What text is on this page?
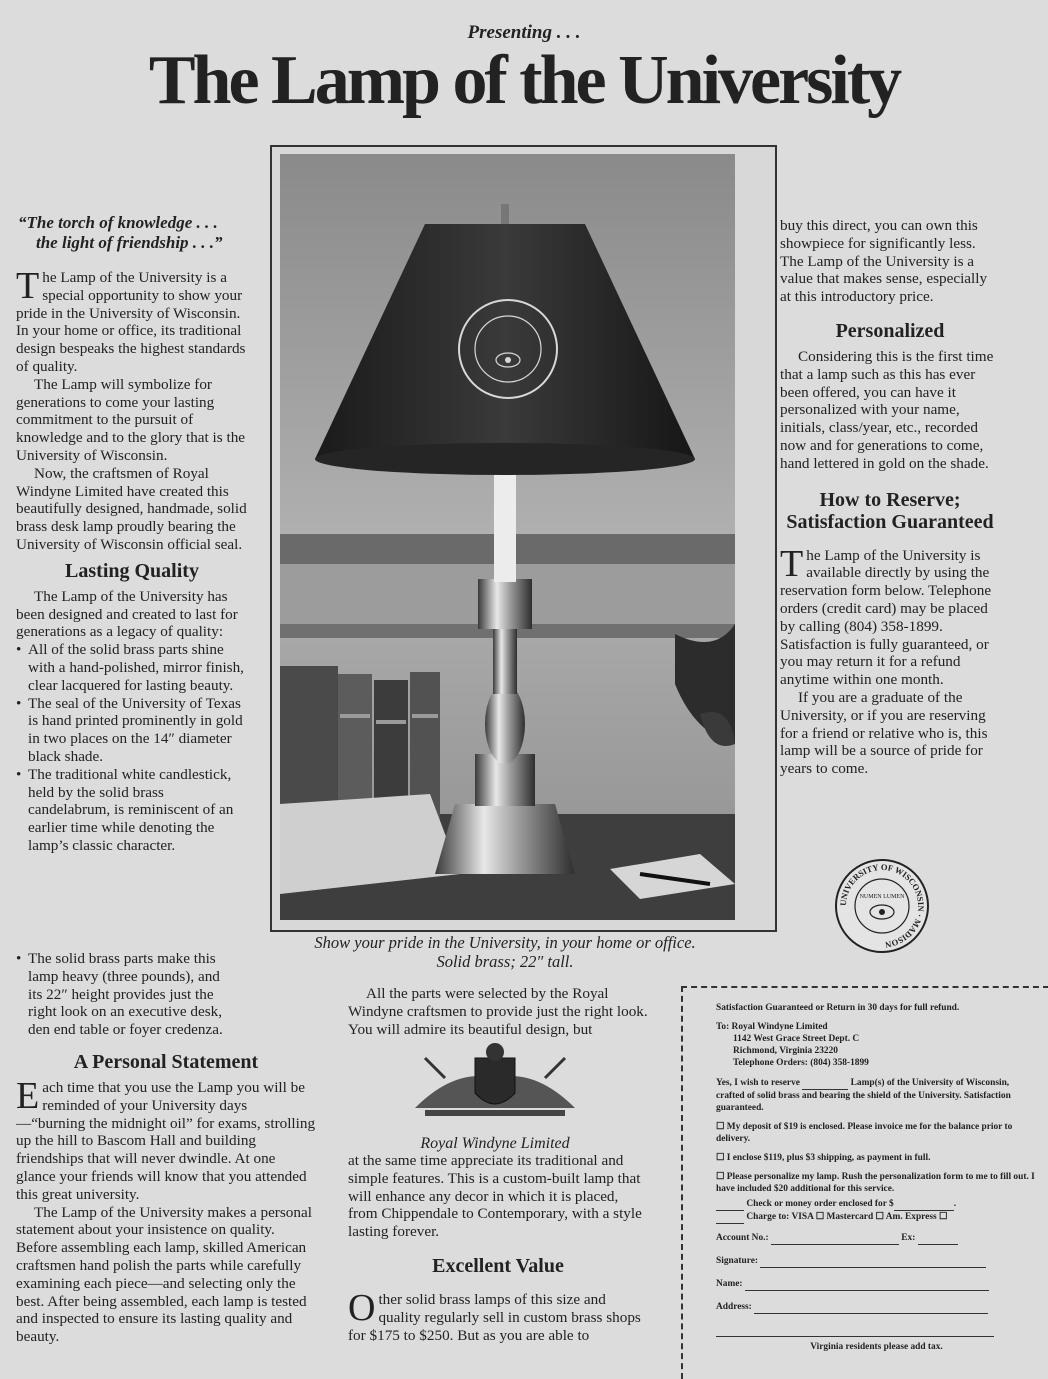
Presenting . . .
The Lamp of the University
“The torch of knowledge . . .
the light of friendship . . .”

The Lamp of the University is a special opportunity to show your pride in the University of Wisconsin. In your home or office, its traditional design bespeaks the highest standards of quality.

The Lamp will symbolize for generations to come your lasting commitment to the pursuit of knowledge and to the glory that is the University of Wisconsin.

Now, the craftsmen of Royal Windyne Limited have created this beautifully designed, handmade, solid brass desk lamp proudly bearing the University of Wisconsin official seal.

Lasting Quality

The Lamp of the University has been designed and created to last for generations as a legacy of quality:

• All of the solid brass parts shine with a hand-polished, mirror finish, clear lacquered for lasting beauty.
• The seal of the University of Texas is hand printed prominently in gold in two places on the 14″ diameter black shade.
• The traditional white candlestick, held by the solid brass candelabrum, is reminiscent of an earlier time while denoting the lamp’s classic character.
• The solid brass parts make this lamp heavy (three pounds), and its 22″ height provides just the right look on an executive desk, den end table or foyer credenza.
A Personal Statement

Each time that you use the Lamp you will be reminded of your University days—“burning the midnight oil” for exams, strolling up the hill to Bascom Hall and building friendships that will never dwindle. At one glance your friends will know that you attended this great university.

The Lamp of the University makes a personal statement about your insistence on quality. Before assembling each lamp, skilled American craftsmen hand polish the parts while carefully examining each piece—and selecting only the best. After being assembled, each lamp is tested and inspected to ensure its lasting quality and beauty.

Show your pride in the University, in your home or office.
Solid brass; 22″ tall.

All the parts were selected by the Royal Windyne craftsmen to provide just the right look. You will admire its beautiful design, but

Royal Windyne Limited

at the same time appreciate its traditional and simple features. This is a custom-built lamp that will enhance any decor in which it is placed, from Chippendale to Contemporary, with a style lasting forever.

Excellent Value

Other solid brass lamps of this size and quality regularly sell in custom brass shops for $175 to $250. But as you are able to

buy this direct, you can own this showpiece for significantly less. The Lamp of the University is a value that makes sense, especially at this introductory price.

Personalized

Considering this is the first time that a lamp such as this has ever been offered, you can have it personalized with your name, initials, class/year, etc., recorded now and for generations to come, hand lettered in gold on the shade.

How to Reserve;
Satisfaction Guaranteed

The Lamp of the University is available directly by using the reservation form below. Telephone orders (credit card) may be placed by calling (804) 358-1899. Satisfaction is fully guaranteed, or you may return it for a refund anytime within one month.

If you are a graduate of the University, or if you are reserving for a friend or relative who is, this lamp will be a source of pride for years to come.

UNIVERSITY OF WISCONSIN · MADISON
NUMEN LUMEN

Satisfaction Guaranteed or Return in 30 days for full refund.

To: Royal Windyne Limited
1142 West Grace Street Dept. C
Richmond, Virginia 23220
Telephone Orders: (804) 358-1899

Yes, I wish to reserve	Lamp(s) of the University of Wisconsin, crafted of solid brass and bearing the shield of the University. Satisfaction guaranteed.

☐ My deposit of $19 is enclosed. Please invoice me for the balance prior to delivery.

☐ I enclose $119, plus $3 shipping, as payment in full.

☐ Please personalize my lamp. Rush the personalization form to me to fill out. I have included $20 additional for this service.

Check or money order enclosed for $	.
Charge to: VISA ☐ Mastercard ☐ Am. Express ☐
Account No.:	Ex:
Signature:
Name:
Address:

Virginia residents please add tax.
